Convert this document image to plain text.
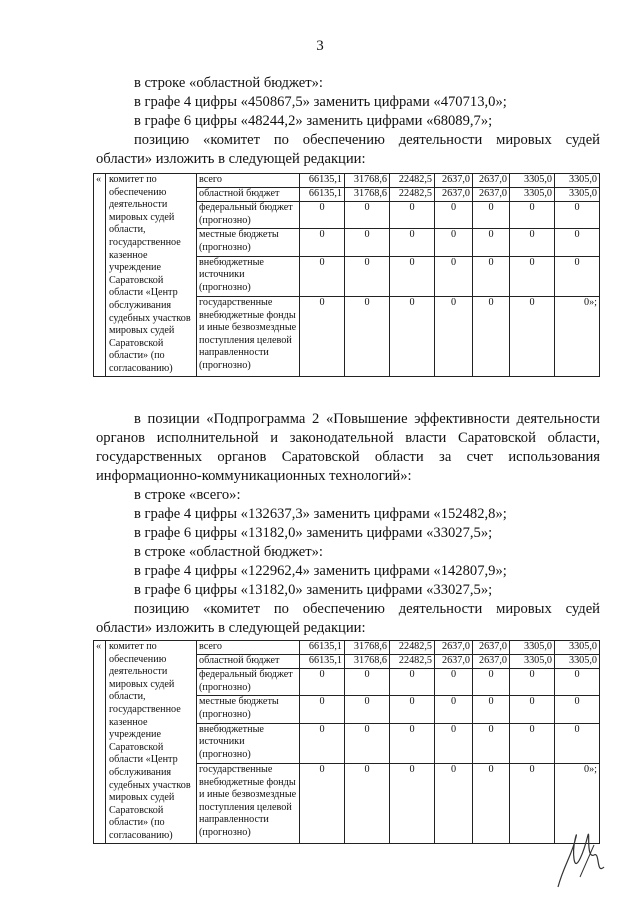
3
в строке «областной бюджет»:
в графе 4 цифры «450867,5» заменить цифрами «470713,0»;
в графе 6 цифры «48244,2» заменить цифрами «68089,7»;
позицию «комитет по обеспечению деятельности мировых судей
области» изложить в следующей редакции:
«	комитет по обеспечению деятельности мировых судей области, государственное казенное учреждение Саратовской области «Центр обслуживания судебных участков мировых судей Саратовской области» (по согласованию)	всего	66135,1	31768,6	22482,5	2637,0	2637,0	3305,0	3305,0
		областной бюджет	66135,1	31768,6	22482,5	2637,0	2637,0	3305,0	3305,0
		федеральный бюджет (прогнозно)	0	0	0	0	0	0	0
		местные бюджеты (прогнозно)	0	0	0	0	0	0	0
		внебюджетные источники (прогнозно)	0	0	0	0	0	0	0
		государственные внебюджетные фонды и иные безвозмездные поступления целевой направленности (прогнозно)	0	0	0	0	0	0	0»;
в позиции «Подпрограмма 2 «Повышение эффективности деятельности
органов исполнительной и законодательной власти Саратовской области,
государственных органов Саратовской области за счет использования
информационно-коммуникационных технологий»:
в строке «всего»:
в графе 4 цифры «132637,3» заменить цифрами «152482,8»;
в графе 6 цифры «13182,0» заменить цифрами «33027,5»;
в строке «областной бюджет»:
в графе 4 цифры «122962,4» заменить цифрами «142807,9»;
в графе 6 цифры «13182,0» заменить цифрами «33027,5»;
позицию «комитет по обеспечению деятельности мировых судей
области» изложить в следующей редакции:
«	комитет по обеспечению деятельности мировых судей области, государственное казенное учреждение Саратовской области «Центр обслуживания судебных участков мировых судей Саратовской области» (по согласованию)	всего	66135,1	31768,6	22482,5	2637,0	2637,0	3305,0	3305,0
		областной бюджет	66135,1	31768,6	22482,5	2637,0	2637,0	3305,0	3305,0
		федеральный бюджет (прогнозно)	0	0	0	0	0	0	0
		местные бюджеты (прогнозно)	0	0	0	0	0	0	0
		внебюджетные источники (прогнозно)	0	0	0	0	0	0	0
		государственные внебюджетные фонды и иные безвозмездные поступления целевой направленности (прогнозно)	0	0	0	0	0	0	0»;
